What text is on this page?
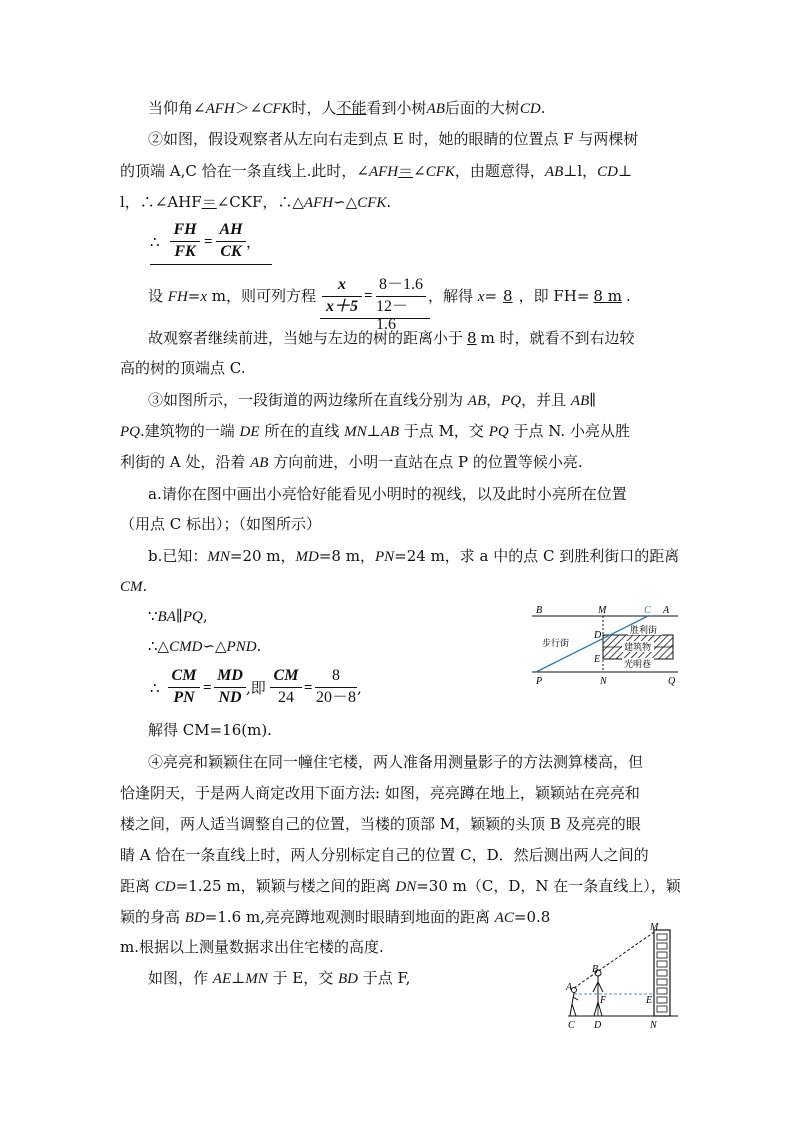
当仰角∠AFH＞∠CFK时，人不能看到小树AB后面的大树CD.
②如图，假设观察者从左向右走到点 E 时，她的眼睛的位置点 F 与两棵树
的顶端 A,C 恰在一条直线上.此时，∠AFH＝∠CFK，由题意得，AB⊥l，CD⊥
l，∴∠AHF＝∠CKF，∴△AFH∽△CFK.
∴
FH
FK
=
AH
CK
，
设 FH=x m，则可列方程
x
x＋5
=
8－1.6
12－1.6
，解得 x= 8 ，即 FH= 8 m .
故观察者继续前进，当她与左边的树的距离小于 8 m 时，就看不到右边较
高的树的顶端点 C.
③如图所示，一段街道的两边缘所在直线分别为 AB，PQ，并且 AB∥
PQ.建筑物的一端 DE 所在的直线 MN⊥AB 于点 M，交 PQ 于点 N. 小亮从胜
利街的 A 处，沿着 AB 方向前进，小明一直站在点 P 的位置等候小亮.
a.请你在图中画出小亮恰好能看见小明时的视线，以及此时小亮所在位置
（用点 C 标出）；（如图所示）
b.已知：MN=20 m，MD=8 m，PN=24 m，求 a 中的点 C 到胜利街口的距离
CM.
∵BA∥PQ,
∴△CMD∽△PND.
∴
CM
PN
=
MD
ND
,即
CM
24
=
8
20－8
,
解得 CM=16(m).
④亮亮和颖颖住在同一幢住宅楼，两人准备用测量影子的方法测算楼高，但
恰逢阴天，于是两人商定改用下面方法: 如图，亮亮蹲在地上，颖颖站在亮亮和
楼之间，两人适当调整自己的位置，当楼的顶部 M，颖颖的头顶 B 及亮亮的眼
睛 A 恰在一条直线上时，两人分别标定自己的位置 C，D．然后测出两人之间的
距离 CD=1.25 m，颖颖与楼之间的距离 DN=30 m（C，D，N 在一条直线上），颖
颖的身高 BD=1.6 m,亮亮蹲地观测时眼睛到地面的距离 AC=0.8
m.根据以上测量数据求出住宅楼的高度.
如图，作 AE⊥MN 于 E，交 BD 于点 F,
B	M	C A
D
E
P	N	Q
步行街
胜利街
建筑物
光明巷
M
B
A
F	E
C D	N
